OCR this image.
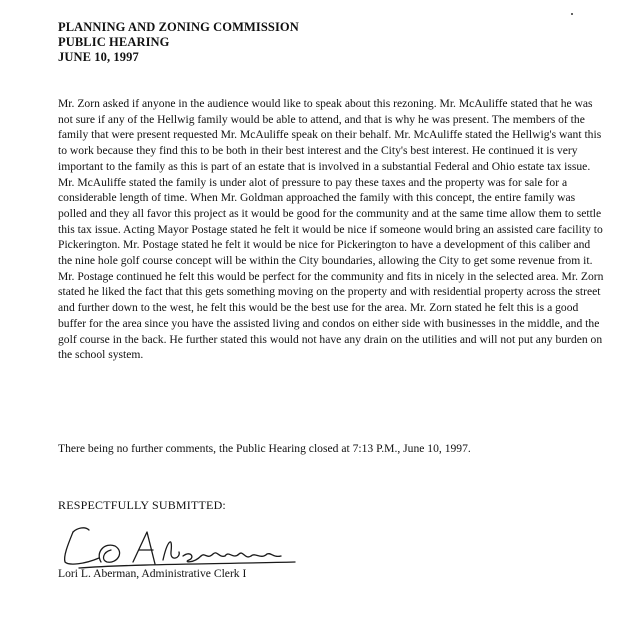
PLANNING AND ZONING COMMISSION
PUBLIC HEARING
JUNE 10, 1997

Mr. Zorn asked if anyone in the audience would like to speak about this rezoning. Mr. McAuliffe stated that he was not sure if any of the Hellwig family would be able to attend, and that is why he was present. The members of the family that were present requested Mr. McAuliffe speak on their behalf. Mr. McAuliffe stated the Hellwig's want this to work because they find this to be both in their best interest and the City's best interest. He continued it is very important to the family as this is part of an estate that is involved in a substantial Federal and Ohio estate tax issue. Mr. McAuliffe stated the family is under alot of pressure to pay these taxes and the property was for sale for a considerable length of time. When Mr. Goldman approached the family with this concept, the entire family was polled and they all favor this project as it would be good for the community and at the same time allow them to settle this tax issue. Acting Mayor Postage stated he felt it would be nice if someone would bring an assisted care facility to Pickerington. Mr. Postage stated he felt it would be nice for Pickerington to have a development of this caliber and the nine hole golf course concept will be within the City boundaries, allowing the City to get some revenue from it. Mr. Postage continued he felt this would be perfect for the community and fits in nicely in the selected area. Mr. Zorn stated he liked the fact that this gets something moving on the property and with residential property across the street and further down to the west, he felt this would be the best use for the area. Mr. Zorn stated he felt this is a good buffer for the area since you have the assisted living and condos on either side with businesses in the middle, and the golf course in the back. He further stated this would not have any drain on the utilities and will not put any burden on the school system.

There being no further comments, the Public Hearing closed at 7:13 P.M., June 10, 1997.

RESPECTFULLY SUBMITTED:

Lori L. Aberman, Administrative Clerk I
